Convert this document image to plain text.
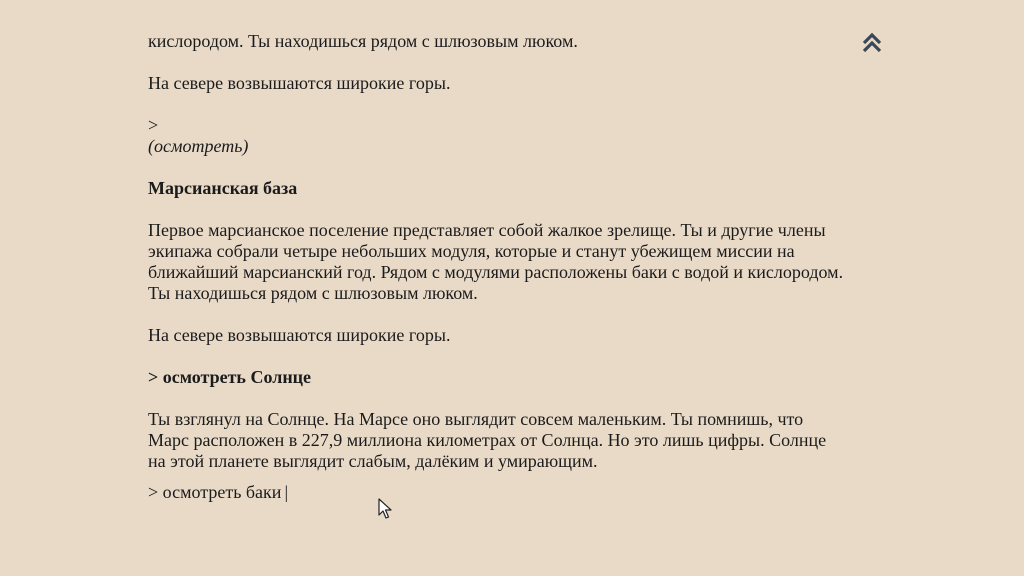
кислородом. Ты находишься рядом с шлюзовым люком.

На севере возвышаются широкие горы.

>

(осмотреть)

Марсианская база

Первое марсианское поселение представляет собой жалкое зрелище. Ты и другие члены экипажа собрали четыре небольших модуля, которые и станут убежищем миссии на ближайший марсианский год. Рядом с модулями расположены баки с водой и кислородом. Ты находишься рядом с шлюзовым люком.

На севере возвышаются широкие горы.

> осмотреть Солнце

Ты взглянул на Солнце. На Марсе оно выглядит совсем маленьким. Ты помнишь, что Марс расположен в 227,9 миллиона километрах от Солнца. Но это лишь цифры. Солнце на этой планете выглядит слабым, далёким и умирающим.

> осмотреть баки |
